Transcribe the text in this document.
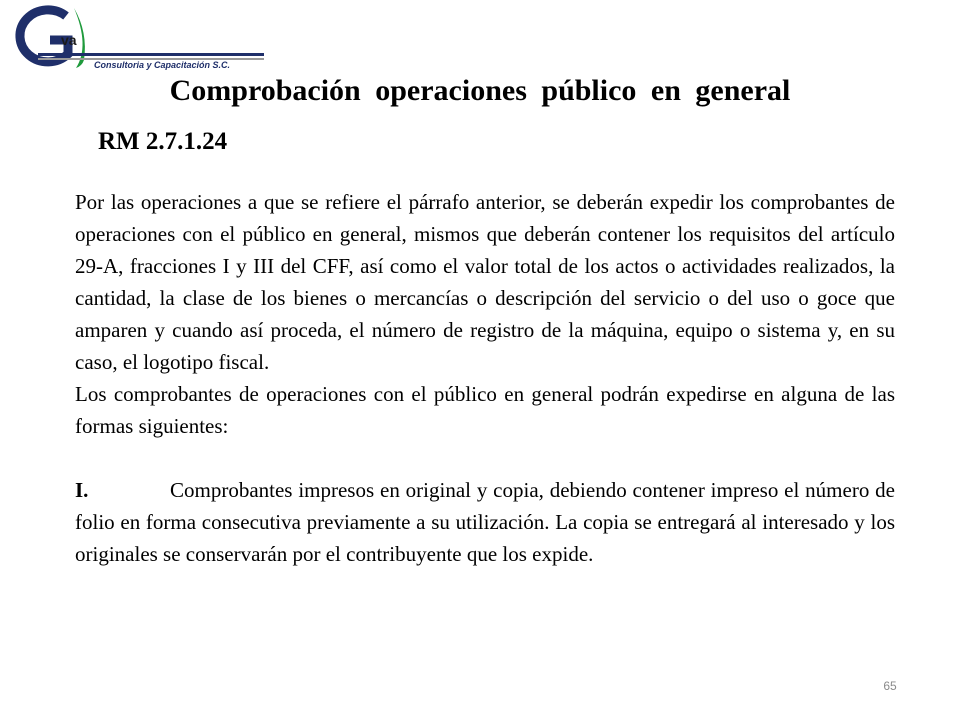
va
Consultoria y Capacitación S.C.
Comprobación operaciones público en general
RM 2.7.1.24

Por las operaciones a que se refiere el párrafo anterior, se deberán expedir los comprobantes de operaciones con el público en general, mismos que deberán contener los requisitos del artículo 29-A, fracciones I y III del CFF, así como el valor total de los actos o actividades realizados, la cantidad, la clase de los bienes o mercancías o descripción del servicio o del uso o goce que amparen y cuando así proceda, el número de registro de la máquina, equipo o sistema y, en su caso, el logotipo fiscal.

Los comprobantes de operaciones con el público en general podrán expedirse en alguna de las formas siguientes:

I.	Comprobantes impresos en original y copia, debiendo contener impreso el número de folio en forma consecutiva previamente a su utilización. La copia se entregará al interesado y los originales se conservarán por el contribuyente que los expide.

65
